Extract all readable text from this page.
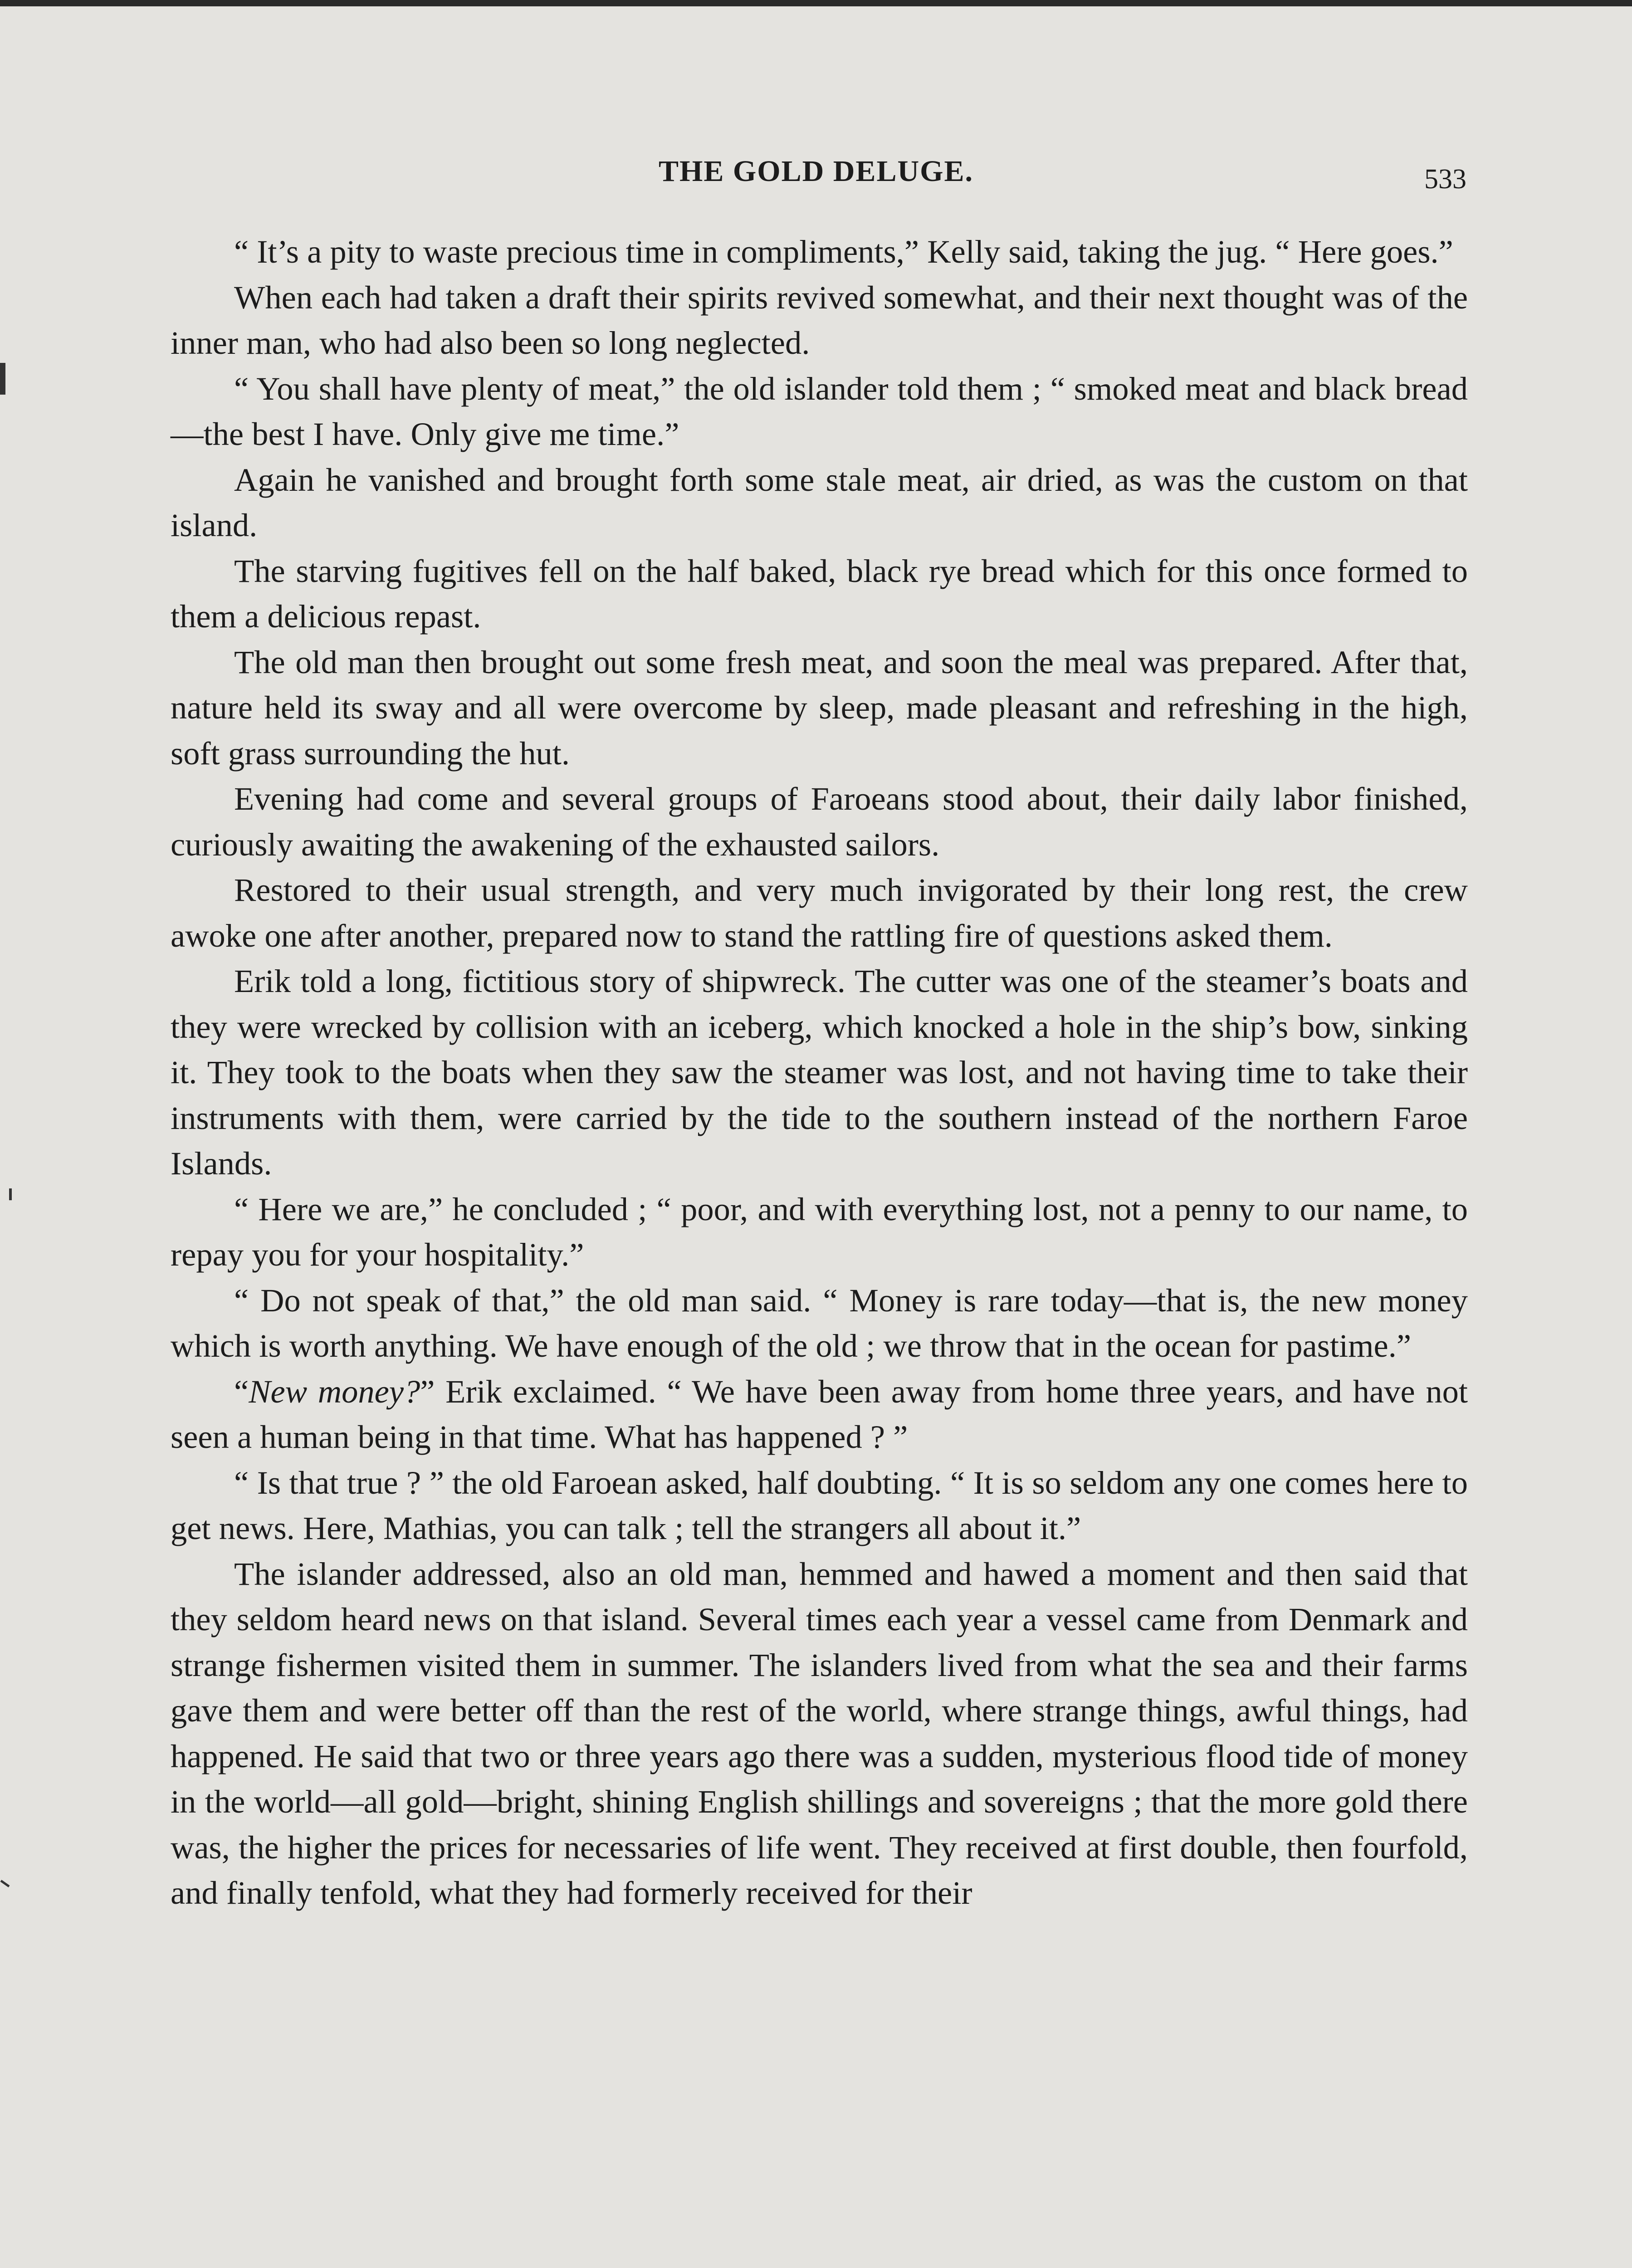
THE GOLD DELUGE.	533

“ It’s a pity to waste precious time in compliments,” Kelly said, taking the jug. “ Here goes.”

When each had taken a draft their spirits revived somewhat, and their next thought was of the inner man, who had also been so long neglected.

“ You shall have plenty of meat,” the old islander told them ; “ smoked meat and black bread—the best I have. Only give me time.”

Again he vanished and brought forth some stale meat, air dried, as was the custom on that island.

The starving fugitives fell on the half baked, black rye bread which for this once formed to them a delicious repast.

The old man then brought out some fresh meat, and soon the meal was prepared. After that, nature held its sway and all were overcome by sleep, made pleasant and refreshing in the high, soft grass surrounding the hut.

Evening had come and several groups of Faroeans stood about, their daily labor finished, curiously awaiting the awakening of the exhausted sailors.

Restored to their usual strength, and very much invigorated by their long rest, the crew awoke one after another, prepared now to stand the rattling fire of questions asked them.

Erik told a long, fictitious story of shipwreck. The cutter was one of the steamer’s boats and they were wrecked by collision with an iceberg, which knocked a hole in the ship’s bow, sinking it. They took to the boats when they saw the steamer was lost, and not having time to take their instruments with them, were carried by the tide to the southern instead of the northern Faroe Islands.

“ Here we are,” he concluded ; “ poor, and with everything lost, not a penny to our name, to repay you for your hospitality.”

“ Do not speak of that,” the old man said. “ Money is rare today—that is, the new money which is worth anything. We have enough of the old ; we throw that in the ocean for pastime.”

“New money?” Erik exclaimed. “ We have been away from home three years, and have not seen a human being in that time. What has happened ? ”

“ Is that true ? ” the old Faroean asked, half doubting. “ It is so seldom any one comes here to get news. Here, Mathias, you can talk ; tell the strangers all about it.”

The islander addressed, also an old man, hemmed and hawed a moment and then said that they seldom heard news on that island. Several times each year a vessel came from Denmark and strange fishermen visited them in summer. The islanders lived from what the sea and their farms gave them and were better off than the rest of the world, where strange things, awful things, had happened. He said that two or three years ago there was a sudden, mysterious flood tide of money in the world—all gold—bright, shining English shillings and sovereigns ; that the more gold there was, the higher the prices for necessaries of life went. They received at first double, then fourfold, and finally tenfold, what they had formerly received for their
